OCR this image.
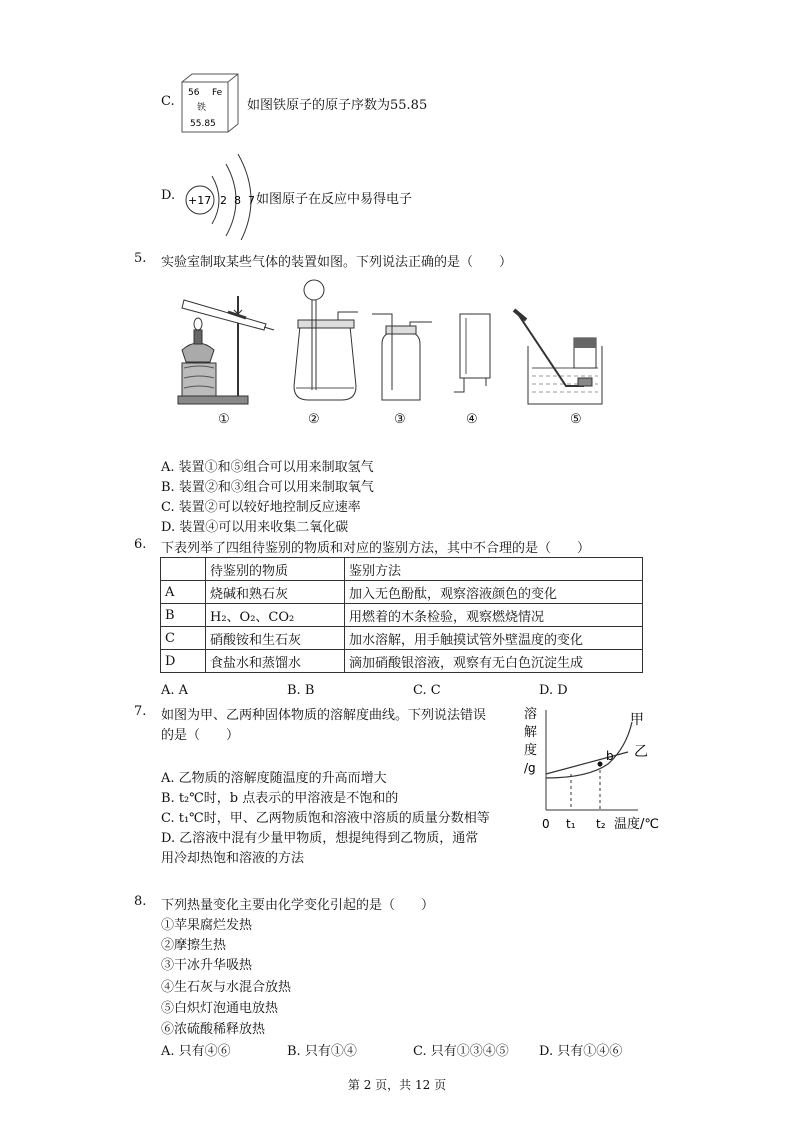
C.
56 Fe
铁
55.85
如图铁原子的原子序数为55.85
D. +17 2 8 7 如图原子在反应中易得电子
5. 实验室制取某些气体的装置如图。下列说法正确的是（　　）
①	②	③	④	⑤
A. 装置①和⑤组合可以用来制取氢气
B. 装置②和③组合可以用来制取氧气
C. 装置②可以较好地控制反应速率
D. 装置④可以用来收集二氧化碳
6. 下表列举了四组待鉴别的物质和对应的鉴别方法，其中不合理的是（　　）
	待鉴别的物质	鉴别方法
A	烧碱和熟石灰	加入无色酚酞，观察溶液颜色的变化
B	H₂、O₂、CO₂	用燃着的木条检验，观察燃烧情况
C	硝酸铵和生石灰	加水溶解，用手触摸试管外壁温度的变化
D	食盐水和蒸馏水	滴加硝酸银溶液，观察有无白色沉淀生成
A. A	B. B	C. C	D. D
7. 如图为甲、乙两种固体物质的溶解度曲线。下列说法错误
的是（　　）
A. 乙物质的溶解度随温度的升高而增大
B. t₂℃时，b 点表示的甲溶液是不饱和的
C. t₁℃时，甲、乙两物质饱和溶液中溶质的质量分数相等
D. 乙溶液中混有少量甲物质，想提纯得到乙物质，通常
用冷却热饱和溶液的方法
溶
解
度
/g
b
甲
乙
0 t₁ t₂ 温度/℃
8. 下列热量变化主要由化学变化引起的是（　　）
①苹果腐烂发热
②摩擦生热
③干冰升华吸热
④生石灰与水混合放热
⑤白炽灯泡通电放热
⑥浓硫酸稀释放热
A. 只有④⑥	B. 只有①④	C. 只有①③④⑤ D. 只有①④⑥
第 2 页，共 12 页
